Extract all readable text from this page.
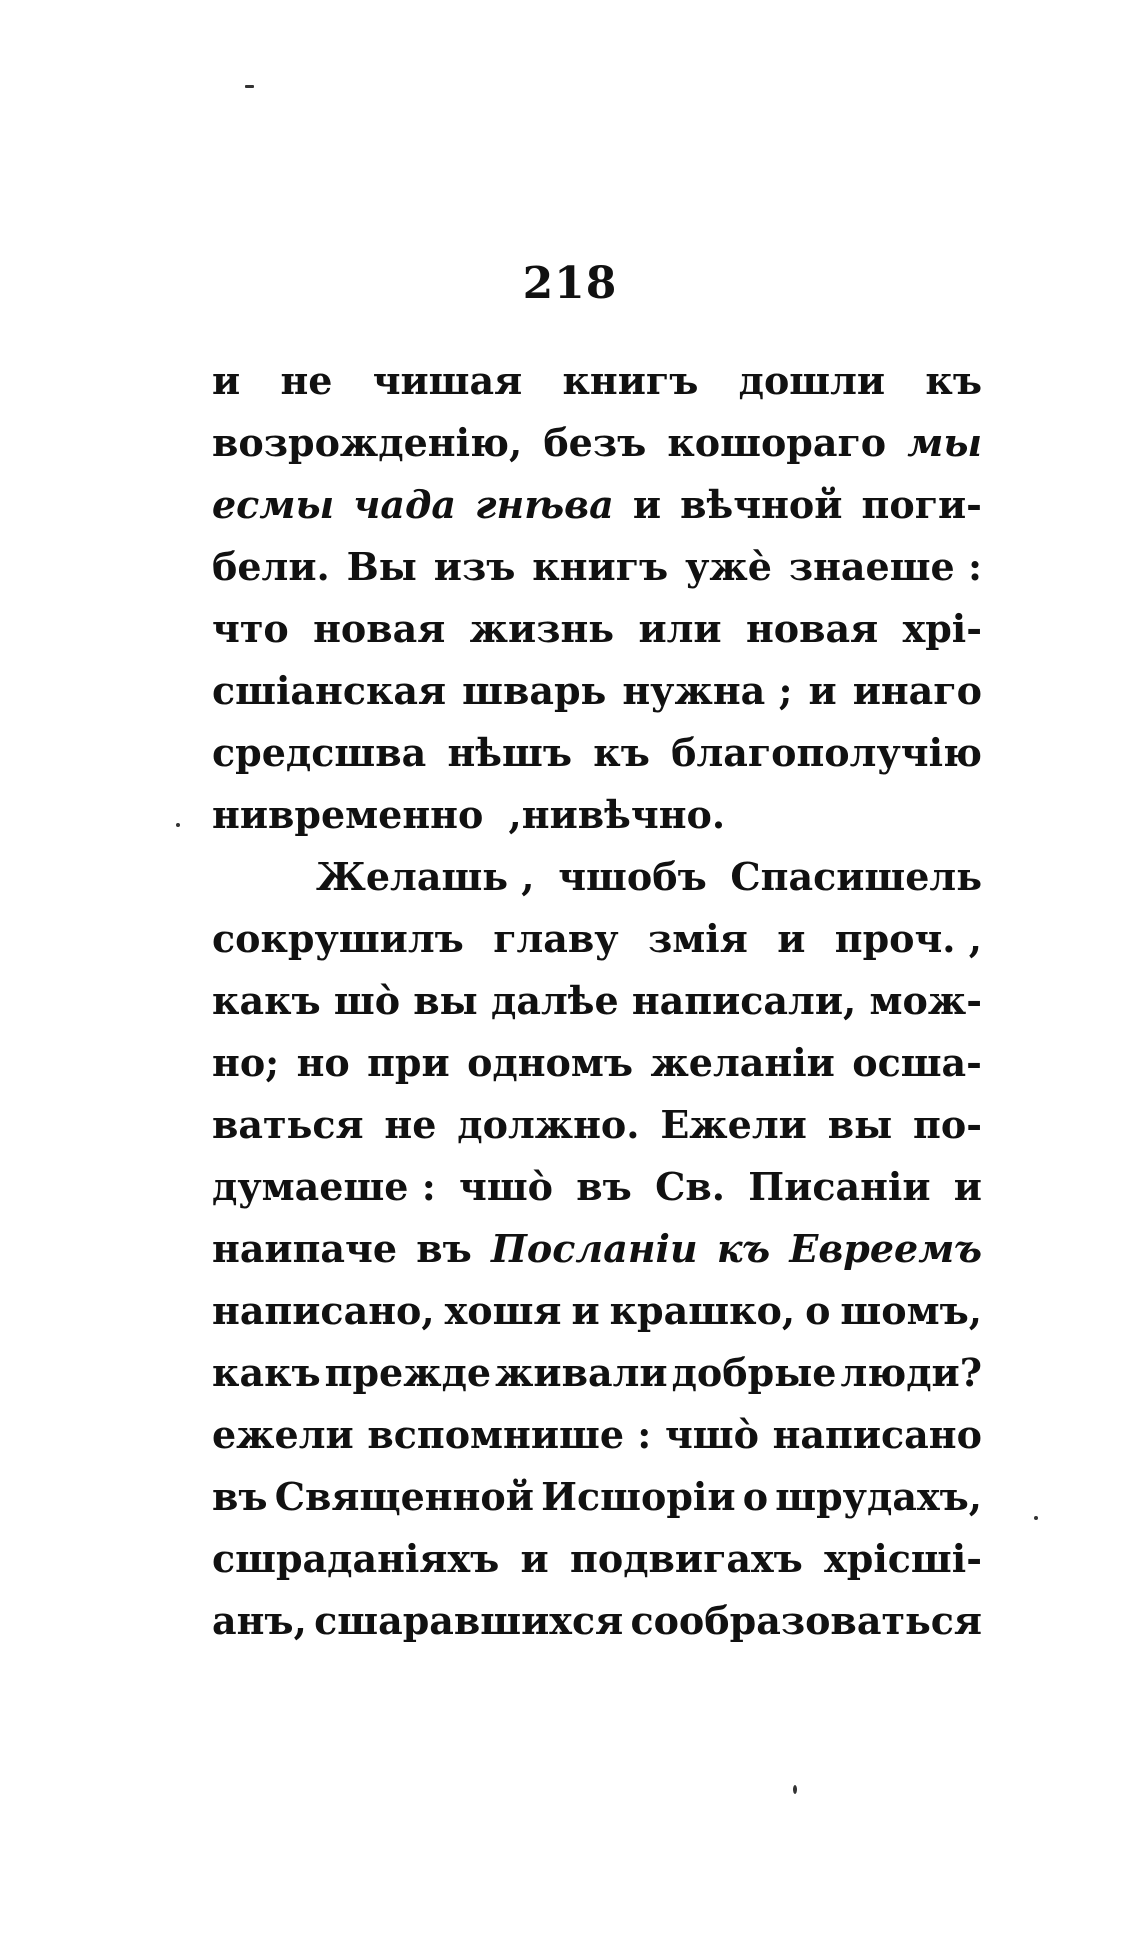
218
и не чишая книгъ дошли къ
возрожденію, безъ кошораго мы
есмы чада гнѣва и вѣчной поги-
бели. Вы изъ книгъ ужѐ знаеше :
что новая жизнь или новая хрі-
сшіанская шварь нужна ; и инаго
средсшва нѣшъ къ благополучію
ни временно , ни вѣчно.
Желашь , чшобъ Спасишель
сокрушилъ главу змія и проч. ,
какъ шо̀ вы далѣе написали, мож-
но; но при одномъ желаніи осша-
ваться не должно. Ежели вы по-
думаеше : чшо̀ въ Св. Писаніи и
наипаче въ Посланіи къ Евреемъ
написано, хошя и крашко, о шомъ,
какъ прежде живали добрые люди?
ежели вспомнише : чшо̀ написано
въ Священной Исшоріи о шрудахъ,
сшраданіяхъ и подвигахъ хрісші-
анъ, сшаравшихся сообразоваться
